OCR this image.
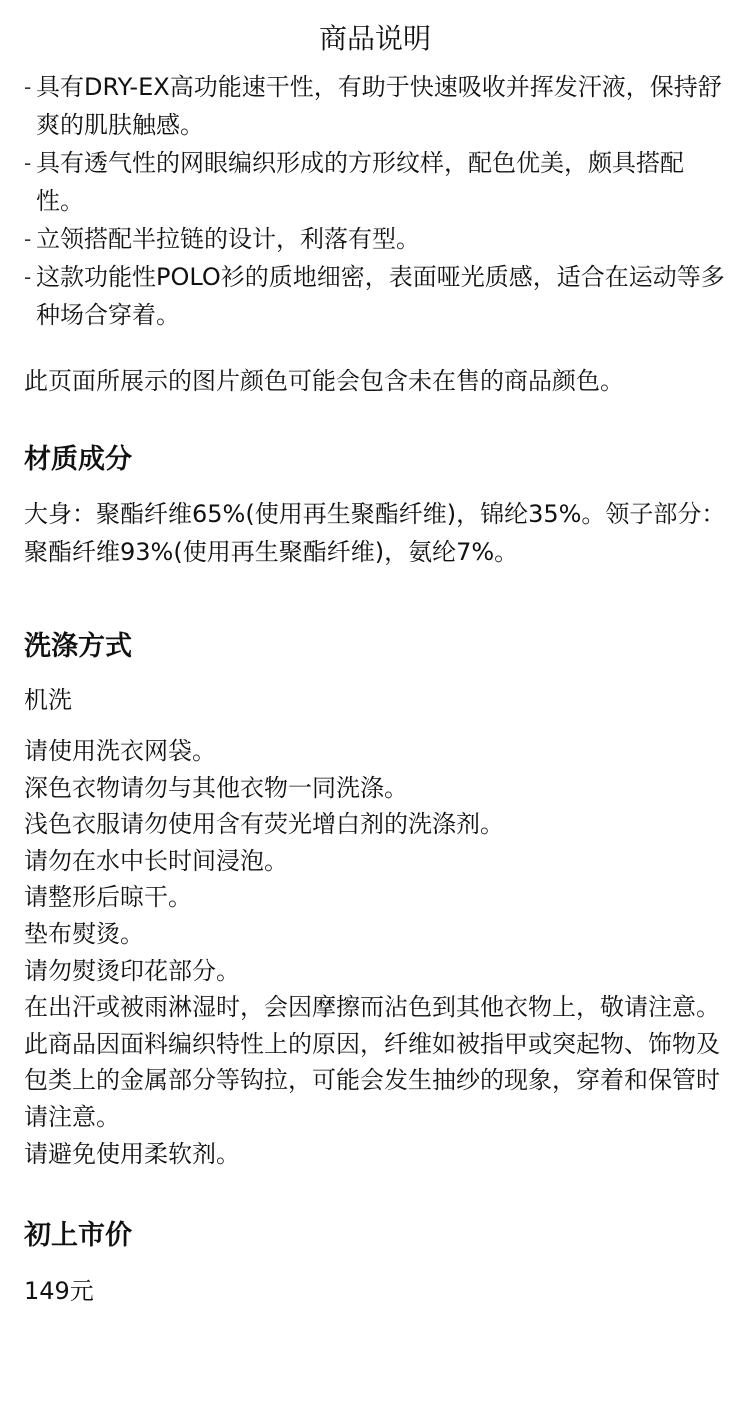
商品说明
- 具有DRY-EX高功能速干性，有助于快速吸收并挥发汗液，保持舒爽的肌肤触感。
- 具有透气性的网眼编织形成的方形纹样，配色优美，颇具搭配性。
- 立领搭配半拉链的设计，利落有型。
- 这款功能性POLO衫的质地细密，表面哑光质感，适合在运动等多种场合穿着。

此页面所展示的图片颜色可能会包含未在售的商品颜色。

材质成分

大身：聚酯纤维65%(使用再生聚酯纤维)，锦纶35%。领子部分：聚酯纤维93%(使用再生聚酯纤维)，氨纶7%。

洗涤方式

机洗

请使用洗衣网袋。
深色衣物请勿与其他衣物一同洗涤。
浅色衣服请勿使用含有荧光增白剂的洗涤剂。
请勿在水中长时间浸泡。
请整形后晾干。
垫布熨烫。
请勿熨烫印花部分。
在出汗或被雨淋湿时，会因摩擦而沾色到其他衣物上，敬请注意。
此商品因面料编织特性上的原因，纤维如被指甲或突起物、饰物及包类上的金属部分等钩拉，可能会发生抽纱的现象，穿着和保管时请注意。
请避免使用柔软剂。
初上市价

149元
